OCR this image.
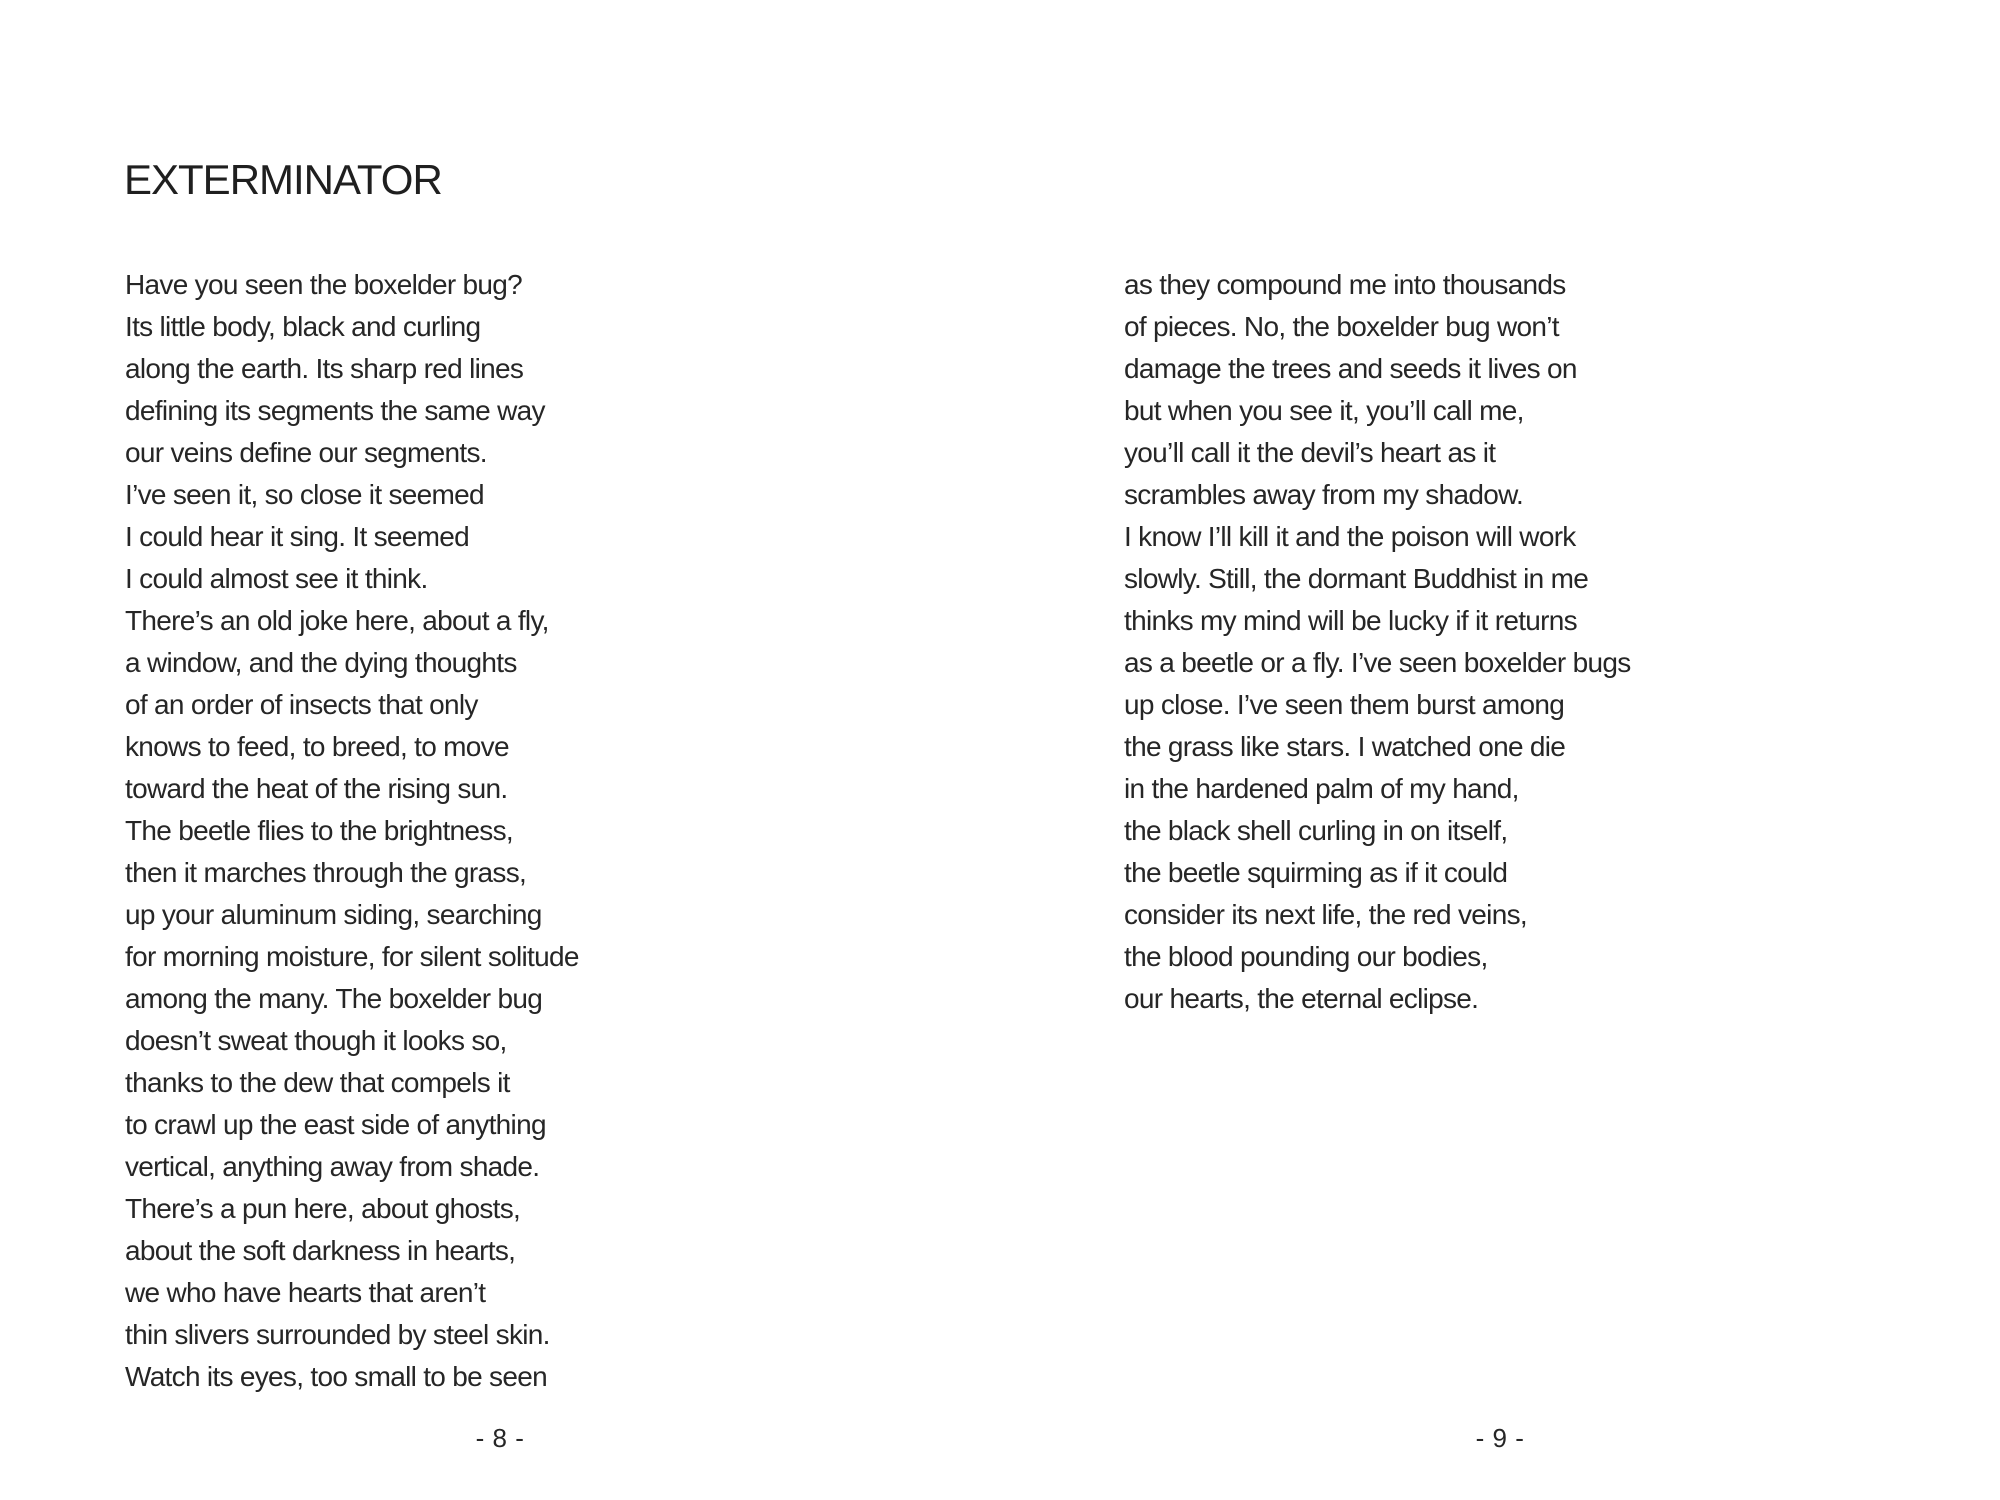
EXTERMINATOR
Have you seen the boxelder bug?
Its little body, black and curling
along the earth. Its sharp red lines
defining its segments the same way
our veins define our segments.
I’ve seen it, so close it seemed
I could hear it sing. It seemed
I could almost see it think.
There’s an old joke here, about a fly,
a window, and the dying thoughts
of an order of insects that only
knows to feed, to breed, to move
toward the heat of the rising sun.
The beetle flies to the brightness,
then it marches through the grass,
up your aluminum siding, searching
for morning moisture, for silent solitude
among the many. The boxelder bug
doesn’t sweat though it looks so,
thanks to the dew that compels it
to crawl up the east side of anything
vertical, anything away from shade.
There’s a pun here, about ghosts,
about the soft darkness in hearts,
we who have hearts that aren’t
thin slivers surrounded by steel skin.
Watch its eyes, too small to be seen
as they compound me into thousands
of pieces. No, the boxelder bug won’t
damage the trees and seeds it lives on
but when you see it, you’ll call me,
you’ll call it the devil’s heart as it
scrambles away from my shadow.
I know I’ll kill it and the poison will work
slowly. Still, the dormant Buddhist in me
thinks my mind will be lucky if it returns
as a beetle or a fly. I’ve seen boxelder bugs
up close. I’ve seen them burst among
the grass like stars. I watched one die
in the hardened palm of my hand,
the black shell curling in on itself,
the beetle squirming as if it could
consider its next life, the red veins,
the blood pounding our bodies,
our hearts, the eternal eclipse.
- 8 -	- 9 -
